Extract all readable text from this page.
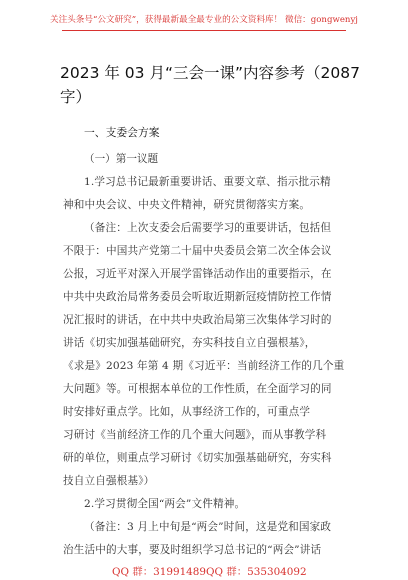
关注头条号“公文研究”，获得最新最全最专业的公文资料库！ 微信：gongwenyj
2023 年 03 月“三会一课”内容参考（2087 字）
一、支委会方案
（一）第一议题
1.学习总书记最新重要讲话、重要文章、指示批示精
神和中央会议、中央文件精神，研究贯彻落实方案。
（备注：上次支委会后需要学习的重要讲话，包括但
不限于：中国共产党第二十届中央委员会第二次全体会议
公报，习近平对深入开展学雷锋活动作出的重要指示，在
中共中央政治局常务委员会听取近期新冠疫情防控工作情
况汇报时的讲话，在中共中央政治局第三次集体学习时的
讲话《切实加强基础研究，夯实科技自立自强根基》，
《求是》2023 年第 4 期《习近平：当前经济工作的几个重
大问题》等。可根据本单位的工作性质，在全面学习的同
时安排好重点学。比如，从事经济工作的，可重点学
习研讨《当前经济工作的几个重大问题》，而从事教学科
研的单位，则重点学习研讨《切实加强基础研究，夯实科
技自立自强根基》）
2.学习贯彻全国“两会”文件精神。
（备注：3 月上中旬是“两会”时间，这是党和国家政
治生活中的大事，要及时组织学习总书记的“两会”讲话
QQ 群：31991489 QQ 群：535304092
